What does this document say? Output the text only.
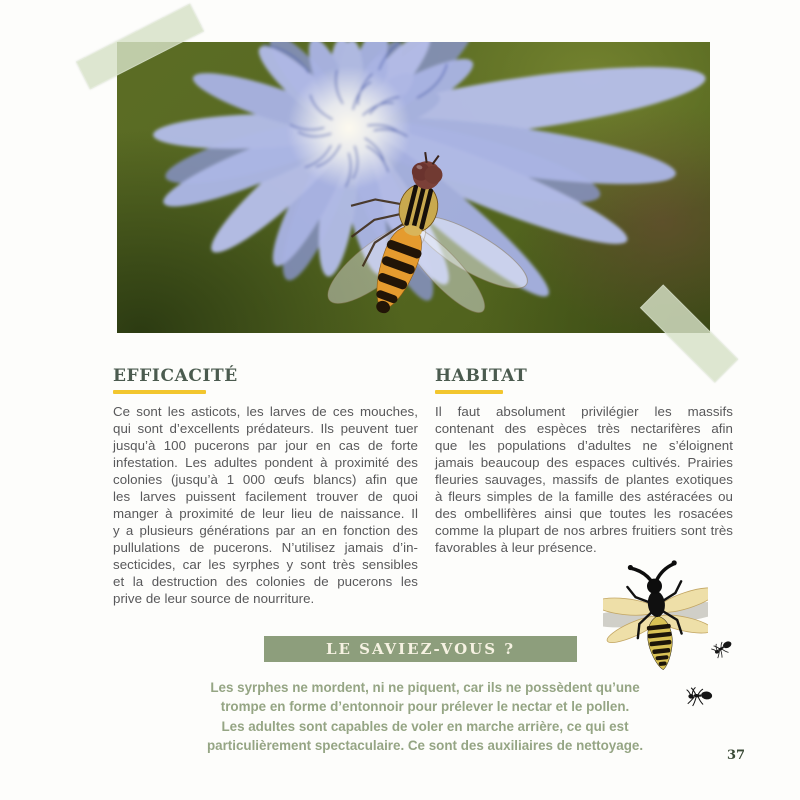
EFFICACITÉ
Ce sont les asticots, les larves de ces mouches,
qui sont d’excellents prédateurs. Ils peuvent tuer
jusqu’à 100 pucerons par jour en cas de forte
infestation. Les adultes pondent à proximité des
colonies (jusqu’à 1 000 œufs blancs) afin que
les larves puissent facilement trouver de quoi
manger à proximité de leur lieu de naissance. Il
y a plusieurs générations par an en fonction des
pullulations de pucerons. N’utilisez jamais d’in-
secticides, car les syrphes y sont très sensibles
et la destruction des colonies de pucerons les
prive de leur source de nourriture.
HABITAT
Il faut absolument privilégier les massifs
contenant des espèces très nectarifères afin
que les populations d’adultes ne s’éloignent
jamais beaucoup des espaces cultivés. Prairies
fleuries sauvages, massifs de plantes exotiques
à fleurs simples de la famille des astéracées ou
des ombellifères ainsi que toutes les rosacées
comme la plupart de nos arbres fruitiers sont très
favorables à leur présence.
LE SAVIEZ-VOUS ?
Les syrphes ne mordent, ni ne piquent, car ils ne possèdent qu’une
trompe en forme d’entonnoir pour prélever le nectar et le pollen.
Les adultes sont capables de voler en marche arrière, ce qui est
particulièrement spectaculaire. Ce sont des auxiliaires de nettoyage.
37
